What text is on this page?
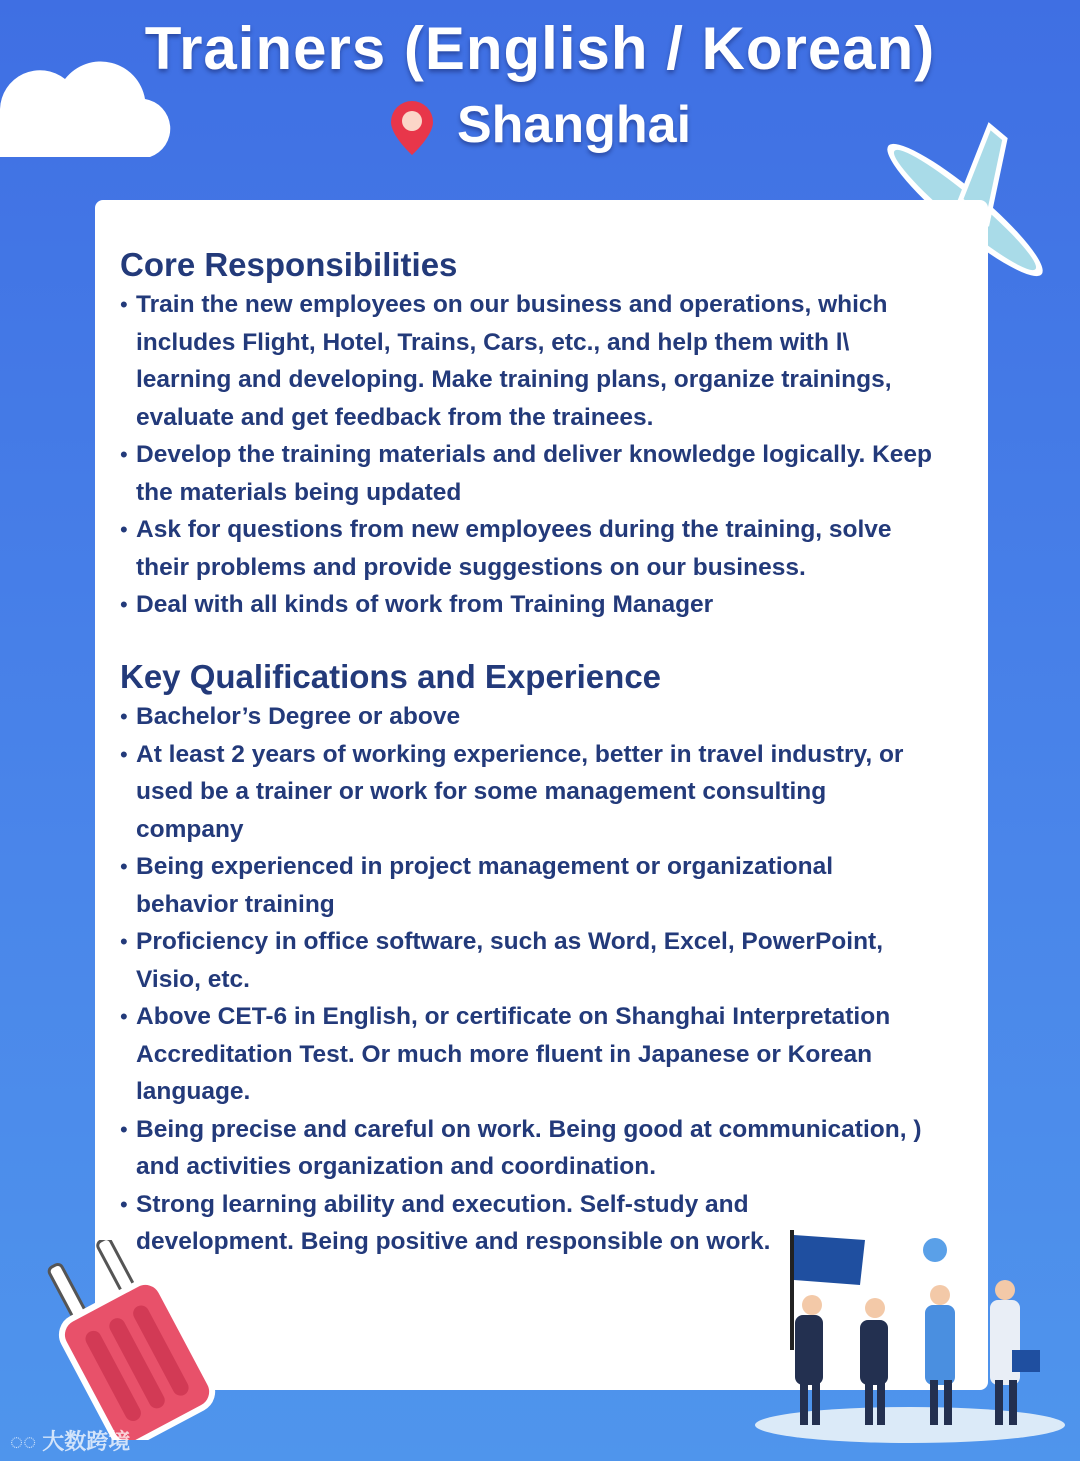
Trainers (English / Korean)
Shanghai
Core Responsibilities
• Train the new employees on our business and operations, which
includes Flight, Hotel, Trains, Cars, etc., and help them with l\
learning and developing. Make training plans, organize trainings,
evaluate and get feedback from the trainees.
• Develop the training materials and deliver knowledge logically. Keep
the materials being updated
• Ask for questions from new employees during the training, solve
their problems and provide suggestions on our business.
• Deal with all kinds of work from Training Manager
Key Qualifications and Experience
• Bachelor’s Degree or above
• At least 2 years of working experience, better in travel industry, or
used be a trainer or work for some management consulting
company
• Being experienced in project management or organizational
behavior training
• Proficiency in office software, such as Word, Excel, PowerPoint,
Visio, etc.
• Above CET-6 in English, or certificate on Shanghai Interpretation
Accreditation Test. Or much more fluent in Japanese or Korean
language.
• Being precise and careful on work. Being good at communication, )
and activities organization and coordination.
• Strong learning ability and execution. Self-study and
development. Being positive and responsible on work.
◌◌ 大数跨境
